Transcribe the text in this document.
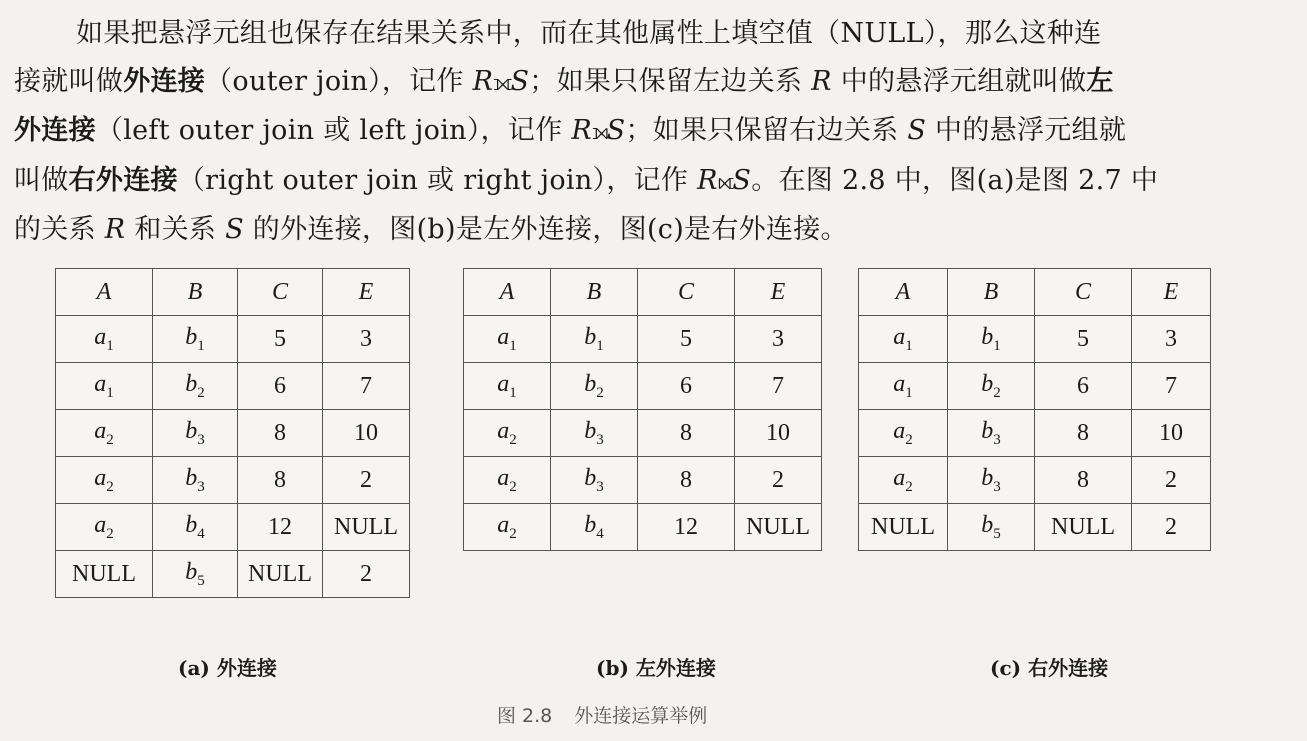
如果把悬浮元组也保存在结果关系中，而在其他属性上填空值（NULL），那么这种连

接就叫做外连接（outer join），记作 R⟗S；如果只保留左边关系 R 中的悬浮元组就叫做左

外连接（left outer join 或 left join），记作 R⟕S；如果只保留右边关系 S 中的悬浮元组就

叫做右外连接（right outer join 或 right join），记作 R⟖S。在图 2.8 中，图(a)是图 2.7 中

的关系 R 和关系 S 的外连接，图(b)是左外连接，图(c)是右外连接。

A	B	C	E
$a_1$	$b_1$	5	3
$a_1$	$b_2$	6	7
$a_2$	$b_3$	8	10
$a_2$	$b_3$	8	2
$a_2$	$b_4$	12	NULL
NULL	$b_5$	NULL	2
A	B	C	E
$a_1$	$b_1$	5	3
$a_1$	$b_2$	6	7
$a_2$	$b_3$	8	10
$a_2$	$b_3$	8	2
$a_2$	$b_4$	12	NULL
A	B	C	E
$a_1$	$b_1$	5	3
$a_1$	$b_2$	6	7
$a_2$	$b_3$	8	10
$a_2$	$b_3$	8	2
NULL	$b_5$	NULL	2
(a) 外连接	(b) 左外连接	(c) 右外连接
图 2.8 外连接运算举例
